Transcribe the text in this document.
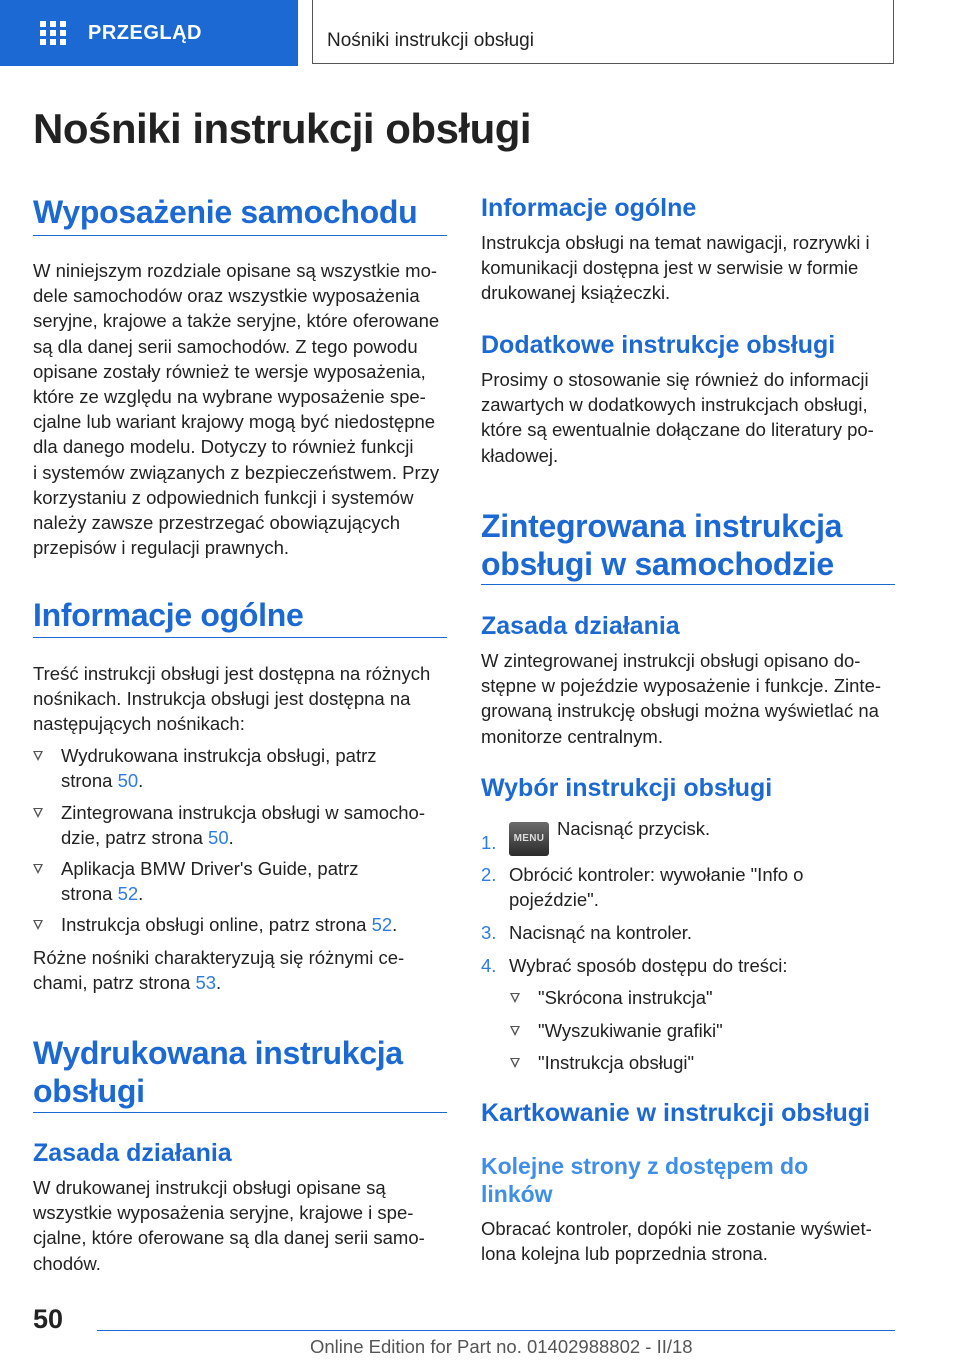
PRZEGLĄD	Nośniki instrukcji obsługi
Nośniki instrukcji obsługi
Wyposażenie samochodu

W niniejszym rozdziale opisane są wszystkie mo-
dele samochodów oraz wszystkie wyposażenia
seryjne, krajowe a także seryjne, które oferowane
są dla danej serii samochodów. Z tego powodu
opisane zostały również te wersje wyposażenia,
które ze względu na wybrane wyposażenie spe-
cjalne lub wariant krajowy mogą być niedostępne
dla danego modelu. Dotyczy to również funkcji
i systemów związanych z bezpieczeństwem. Przy
korzystaniu z odpowiednich funkcji i systemów
należy zawsze przestrzegać obowiązujących
przepisów i regulacji prawnych.

Informacje ogólne

Treść instrukcji obsługi jest dostępna na różnych
nośnikach. Instrukcja obsługi jest dostępna na
następujących nośnikach:

Wydrukowana instrukcja obsługi, patrz
strona 50.
Zintegrowana instrukcja obsługi w samocho-
dzie, patrz strona 50.
Aplikacja BMW Driver's Guide, patrz
strona 52.
Instrukcja obsługi online, patrz strona 52.

Różne nośniki charakteryzują się różnymi ce-
chami, patrz strona 53.

Wydrukowana instrukcja
obsługi
Zasada działania

W drukowanej instrukcji obsługi opisane są
wszystkie wyposażenia seryjne, krajowe i spe-
cjalne, które oferowane są dla danej serii samo-
chodów.

Informacje ogólne

Instrukcja obsługi na temat nawigacji, rozrywki i
komunikacji dostępna jest w serwisie w formie
drukowanej książeczki.

Dodatkowe instrukcje obsługi

Prosimy o stosowanie się również do informacji
zawartych w dodatkowych instrukcjach obsługi,
które są ewentualnie dołączane do literatury po-
kładowej.

Zintegrowana instrukcja
obsługi w samochodzie
Zasada działania

W zintegrowanej instrukcji obsługi opisano do-
stępne w pojeździe wyposażenie i funkcje. Zinte-
growaną instrukcję obsługi można wyświetlać na
monitorze centralnym.

Wybór instrukcji obsługi
1.	MENU Nacisnąć przycisk.
2. Obrócić kontroler: wywołanie "Info o
pojeździe".
3. Nacisnąć na kontroler.
4. Wybrać sposób dostępu do treści:
"Skrócona instrukcja"
"Wyszukiwanie grafiki"
"Instrukcja obsługi"
Kartkowanie w instrukcji obsługi
Kolejne strony z dostępem do
linków

Obracać kontroler, dopóki nie zostanie wyświet-
lona kolejna lub poprzednia strona.

50
Online Edition for Part no. 01402988802 - II/18
